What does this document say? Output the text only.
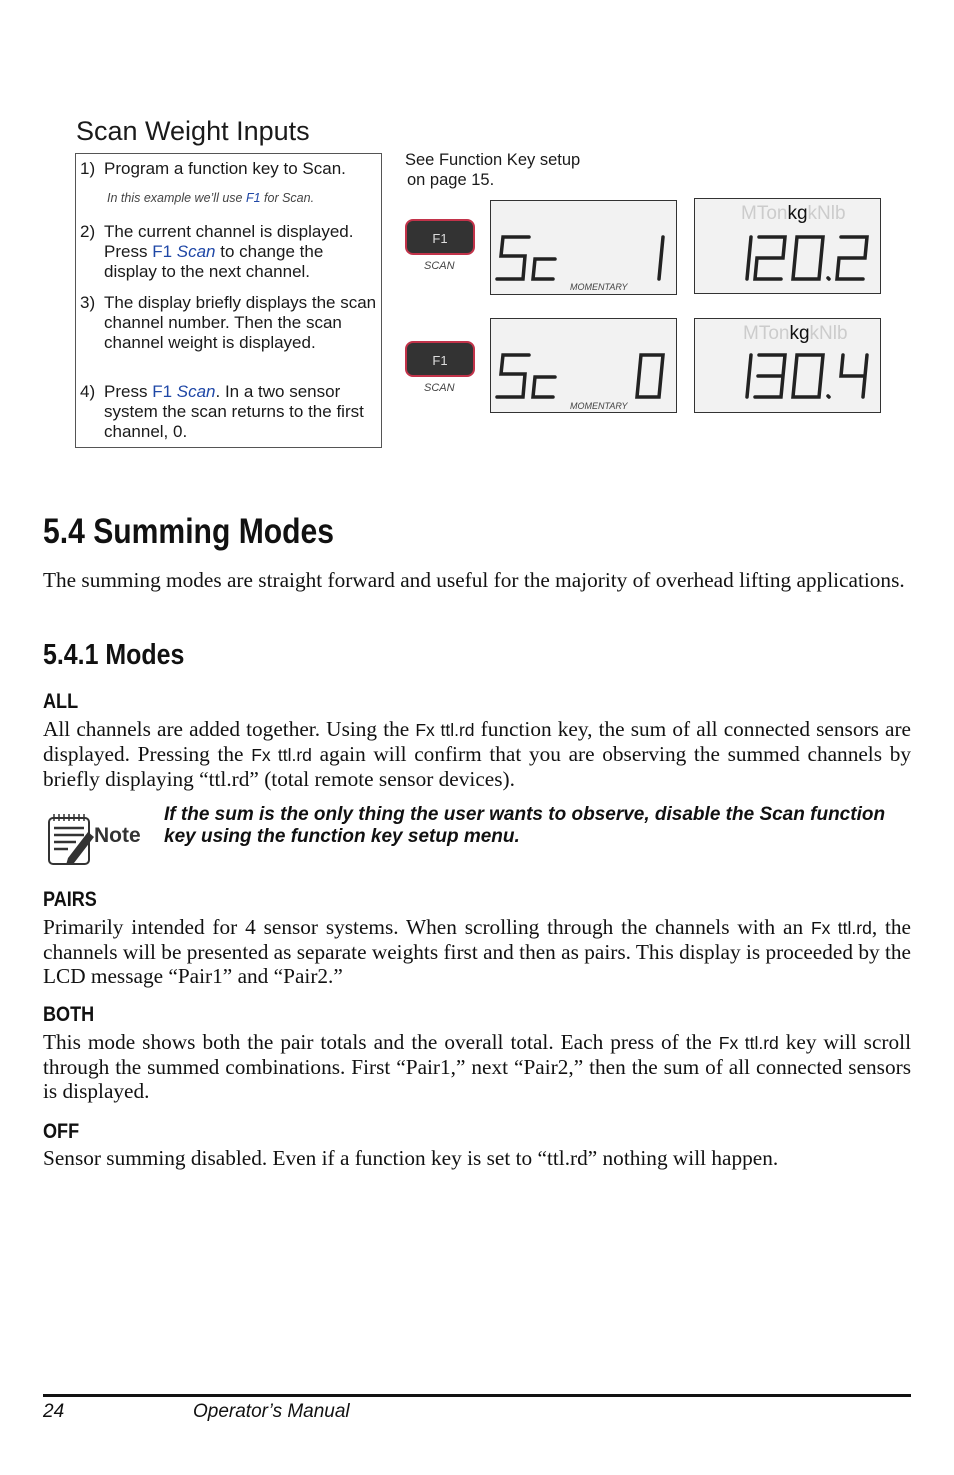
Scan Weight Inputs
1) Program a function key to Scan.
In this example we’ll use F1 for Scan.
2) The current channel is displayed. Press F1 Scan to change the display to the next channel.
3) The display briefly displays the scan channel number. Then the scan channel weight is displayed.
4) Press F1 Scan. In a two sensor system the scan returns to the first channel, 0.
See Function Key setup
on page 15.
F1
SCAN
MOMENTARY
MTonkgkNlb
F1
SCAN
MOMENTARY
MTonkgkNlb
5.4 Summing Modes
The summing modes are straight forward and useful for the majority of overhead lifting applications.
5.4.1 Modes
ALL
All channels are added together. Using the Fx ttl.rd function key, the sum of all connected sensors are displayed. Pressing the Fx ttl.rd again will confirm that you are observing the summed channels by briefly displaying “ttl.rd” (total remote sensor devices).
Note
If the sum is the only thing the user wants to observe, disable the Scan function key using the function key setup menu.
PAIRS
Primarily intended for 4 sensor systems. When scrolling through the channels with an Fx ttl.rd, the channels will be presented as separate weights first and then as pairs. This display is proceeded by the LCD message “Pair1” and “Pair2.”
BOTH
This mode shows both the pair totals and the overall total. Each press of the Fx ttl.rd key will scroll through the summed combinations. First “Pair1,” next “Pair2,” then the sum of all connected sensors is displayed.
OFF
Sensor summing disabled. Even if a function key is set to “ttl.rd” nothing will happen.
24	Operator’s Manual
